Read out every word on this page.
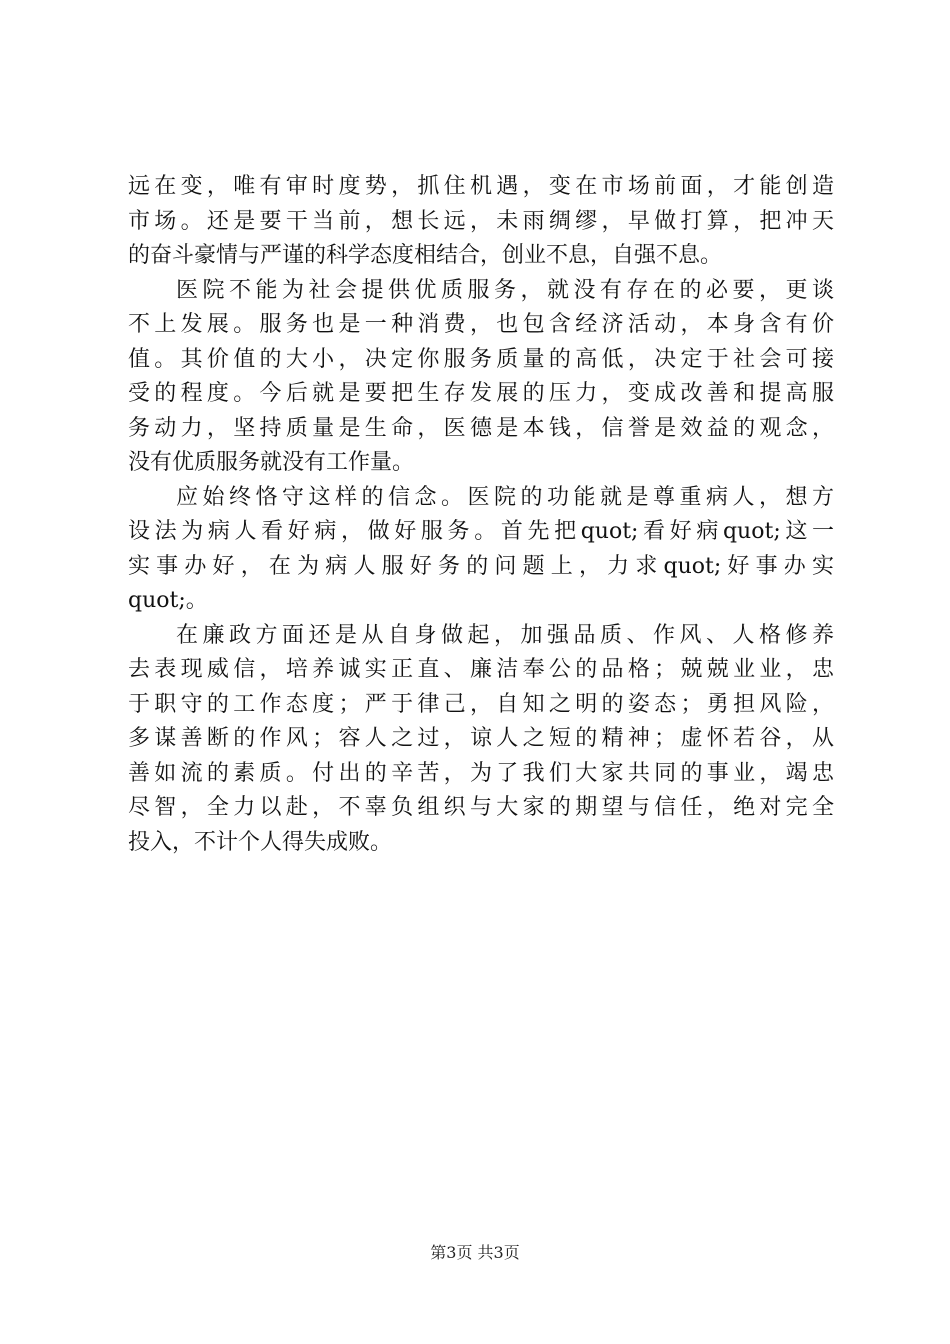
远在变，唯有审时度势，抓住机遇，变在市场前面，才能创造
市场。还是要干当前，想长远，未雨绸缪，早做打算，把冲天
的奋斗豪情与严谨的科学态度相结合，创业不息，自强不息。
医院不能为社会提供优质服务，就没有存在的必要，更谈
不上发展。服务也是一种消费，也包含经济活动，本身含有价
值。其价值的大小，决定你服务质量的高低，决定于社会可接
受的程度。今后就是要把生存发展的压力，变成改善和提高服
务动力，坚持质量是生命，医德是本钱，信誉是效益的观念，
没有优质服务就没有工作量。
应始终恪守这样的信念。医院的功能就是尊重病人，想方
设法为病人看好病，做好服务。首先把quot;看好病quot;这一
实事办好，在为病人服好务的问题上，力求quot;好事办实
quot;。
在廉政方面还是从自身做起，加强品质、作风、人格修养
去表现威信，培养诚实正直、廉洁奉公的品格；兢兢业业，忠
于职守的工作态度；严于律己，自知之明的姿态；勇担风险，
多谋善断的作风；容人之过，谅人之短的精神；虚怀若谷，从
善如流的素质。付出的辛苦，为了我们大家共同的事业，竭忠
尽智，全力以赴，不辜负组织与大家的期望与信任，绝对完全
投入，不计个人得失成败。
第3页 共3页
